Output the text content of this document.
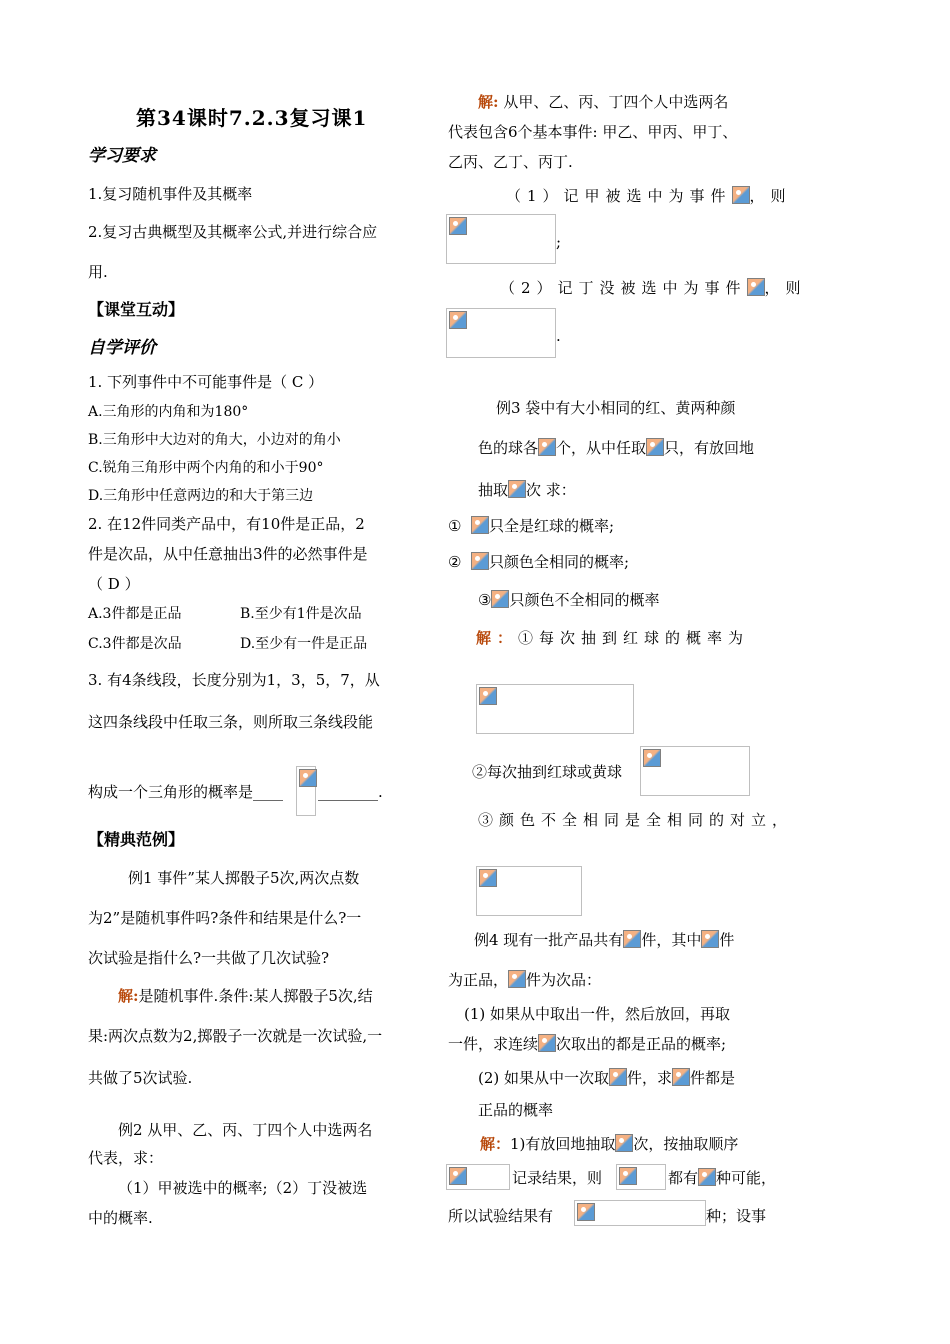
第34课时7.2.3复习课1
学习要求
1.复习随机事件及其概率
2.复习古典概型及其概率公式,并进行综合应
用.
【课堂互动】
自学评价
1. 下列事件中不可能事件是（ C ）
A.三角形的内角和为180°
B.三角形中大边对的角大，小边对的角小
C.锐角三角形中两个内角的和小于90°
D.三角形中任意两边的和大于第三边
2. 在12件同类产品中，有10件是正品，2
件是次品，从中任意抽出3件的必然事件是
（ D ）
A.3件都是正品	B.至少有1件是次品
C.3件都是次品	D.至少有一件是正品
3. 有4条线段，长度分别为1，3，5，7，从
这四条线段中任取三条，则所取三条线段能
构成一个三角形的概率是____ ________.
【精典范例】
例1 事件”某人掷骰子5次,两次点数
为2”是随机事件吗?条件和结果是什么?一
次试验是指什么?一共做了几次试验?
解:是随机事件.条件:某人掷骰子5次,结
果:两次点数为2,掷骰子一次就是一次试验,一
共做了5次试验.
例2 从甲、乙、丙、丁四个人中选两名
代表，求：
（1）甲被选中的概率;（2）丁没被选
中的概率.
解: 从甲、乙、丙、丁四个人中选两名
代表包含6个基本事件: 甲乙、甲丙、甲丁、
乙丙、乙丁、丙丁.
（1）记甲被选中为事件 ，则
;
（2）记丁没被选中为事件 ，则
.
例3 袋中有大小相同的红、黄两种颜
色的球各 个，从中任取 只，有放回地
抽取 次 求：
① 只全是红球的概率;
② 只颜色全相同的概率;
③ 只颜色不全相同的概率
解：①每次抽到红球的概率为
②每次抽到红球或黄球
③颜色不全相同是全相同的对立，
例4 现有一批产品共有 件，其中 件
为正品， 件为次品：
(1) 如果从中取出一件，然后放回，再取
一件，求连续 次取出的都是正品的概率;
(2) 如果从中一次取 件，求 件都是
正品的概率
解：1)有放回地抽取 次，按抽取顺序
记录结果，则	都有 种可能，
所以试验结果有	种；设事
